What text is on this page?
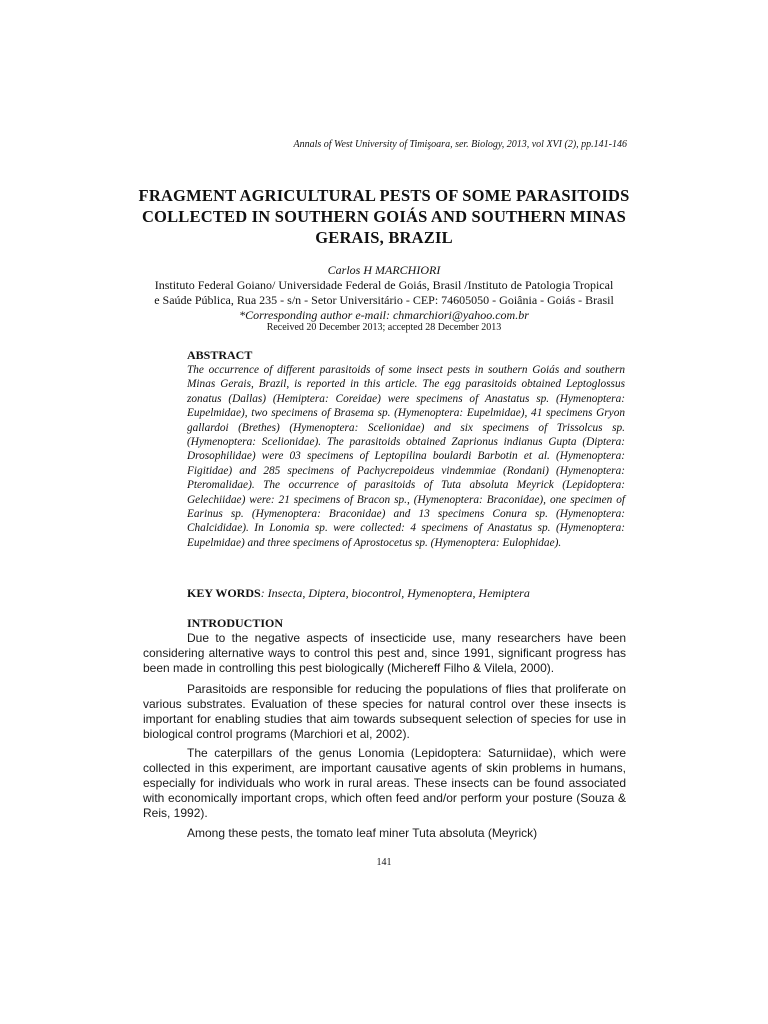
Annals of West University of Timişoara, ser. Biology, 2013, vol XVI (2), pp.141-146
FRAGMENT AGRICULTURAL PESTS OF SOME PARASITOIDS
COLLECTED IN SOUTHERN GOIÁS AND SOUTHERN MINAS
GERAIS, BRAZIL
Carlos H MARCHIORI
Instituto Federal Goiano/ Universidade Federal de Goiás, Brasil /Instituto de Patologia Tropical
e Saúde Pública, Rua 235 - s/n - Setor Universitário - CEP: 74605050 - Goiânia - Goiás - Brasil
*Corresponding author e-mail: chmarchiori@yahoo.com.br
Received 20 December 2013; accepted 28 December 2013
ABSTRACT

The occurrence of different parasitoids of some insect pests in southern Goiás and southern Minas Gerais, Brazil, is reported in this article. The egg parasitoids obtained Leptoglossus zonatus (Dallas) (Hemiptera: Coreidae) were specimens of Anastatus sp. (Hymenoptera: Eupelmidae), two specimens of Brasema sp. (Hymenoptera: Eupelmidae), 41 specimens Gryon gallardoi (Brethes) (Hymenoptera: Scelionidae) and six specimens of Trissolcus sp. (Hymenoptera: Scelionidae). The parasitoids obtained Zaprionus indianus Gupta (Diptera: Drosophilidae) were 03 specimens of Leptopilina boulardi Barbotin et al. (Hymenoptera: Figitidae) and 285 specimens of Pachycrepoideus vindemmiae (Rondani) (Hymenoptera: Pteromalidae). The occurrence of parasitoids of Tuta absoluta Meyrick (Lepidoptera: Gelechiidae) were: 21 specimens of Bracon sp., (Hymenoptera: Braconidae), one specimen of Earinus sp. (Hymenoptera: Braconidae) and 13 specimens Conura sp. (Hymenoptera: Chalcididae). In Lonomia sp. were collected: 4 specimens of Anastatus sp. (Hymenoptera: Eupelmidae) and three specimens of Aprostocetus sp. (Hymenoptera: Eulophidae).

KEY WORDS: Insecta, Diptera, biocontrol, Hymenoptera, Hemiptera
INTRODUCTION

Due to the negative aspects of insecticide use, many researchers have been considering alternative ways to control this pest and, since 1991, significant progress has been made in controlling this pest biologically (Michereff Filho & Vilela, 2000).

Parasitoids are responsible for reducing the populations of flies that proliferate on various substrates. Evaluation of these species for natural control over these insects is important for enabling studies that aim towards subsequent selection of species for use in biological control programs (Marchiori et al, 2002).

The caterpillars of the genus Lonomia (Lepidoptera: Saturniidae), which were collected in this experiment, are important causative agents of skin problems in humans, especially for individuals who work in rural areas. These insects can be found associated with economically important crops, which often feed and/or perform your posture (Souza & Reis, 1992).

Among these pests, the tomato leaf miner Tuta absoluta (Meyrick)

141
